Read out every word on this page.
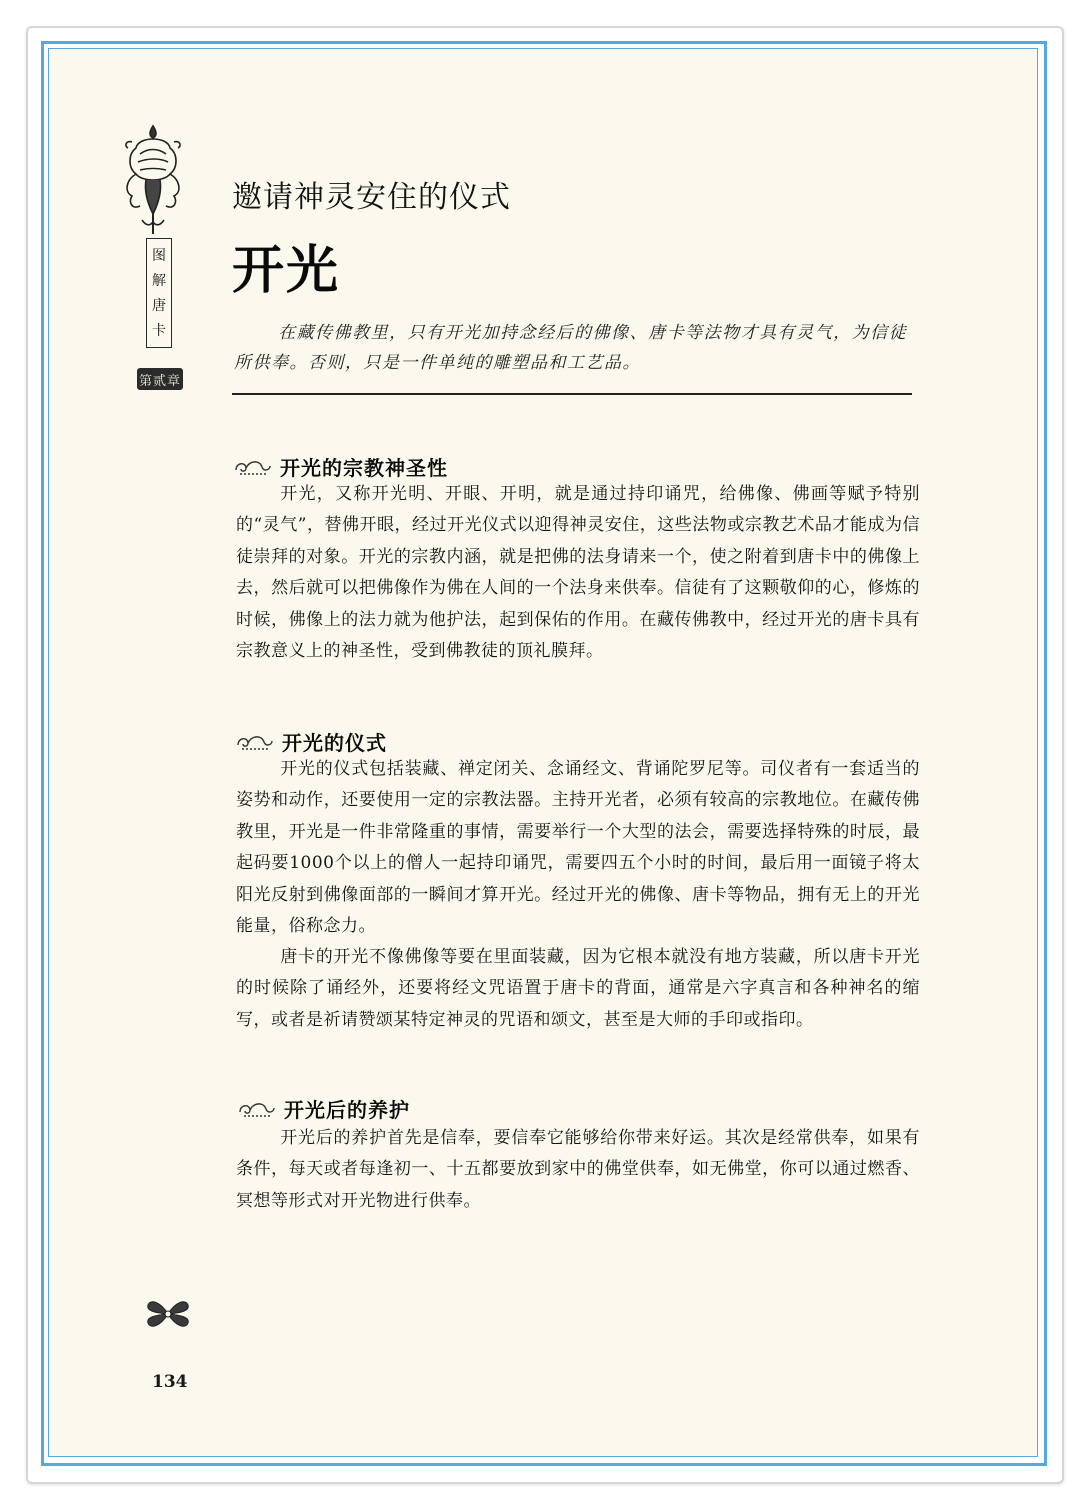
图
解
唐
卡
第贰章
邀请神灵安住的仪式
开光

在藏传佛教里，只有开光加持念经后的佛像、唐卡等法物才具有灵气，为信徒所供奉。否则，只是一件单纯的雕塑品和工艺品。

开光的宗教神圣性

开光，又称开光明、开眼、开明，就是通过持印诵咒，给佛像、佛画等赋予特别的“灵气”，替佛开眼，经过开光仪式以迎得神灵安住，这些法物或宗教艺术品才能成为信徒崇拜的对象。开光的宗教内涵，就是把佛的法身请来一个，使之附着到唐卡中的佛像上去，然后就可以把佛像作为佛在人间的一个法身来供奉。信徒有了这颗敬仰的心，修炼的时候，佛像上的法力就为他护法，起到保佑的作用。在藏传佛教中，经过开光的唐卡具有宗教意义上的神圣性，受到佛教徒的顶礼膜拜。

开光的仪式

开光的仪式包括装藏、禅定闭关、念诵经文、背诵陀罗尼等。司仪者有一套适当的姿势和动作，还要使用一定的宗教法器。主持开光者，必须有较高的宗教地位。在藏传佛教里，开光是一件非常隆重的事情，需要举行一个大型的法会，需要选择特殊的时辰，最起码要1000个以上的僧人一起持印诵咒，需要四五个小时的时间，最后用一面镜子将太阳光反射到佛像面部的一瞬间才算开光。经过开光的佛像、唐卡等物品，拥有无上的开光能量，俗称念力。

唐卡的开光不像佛像等要在里面装藏，因为它根本就没有地方装藏，所以唐卡开光的时候除了诵经外，还要将经文咒语置于唐卡的背面，通常是六字真言和各种神名的缩写，或者是祈请赞颂某特定神灵的咒语和颂文，甚至是大师的手印或指印。

开光后的养护

开光后的养护首先是信奉，要信奉它能够给你带来好运。其次是经常供奉，如果有条件，每天或者每逢初一、十五都要放到家中的佛堂供奉，如无佛堂，你可以通过燃香、冥想等形式对开光物进行供奉。

134
